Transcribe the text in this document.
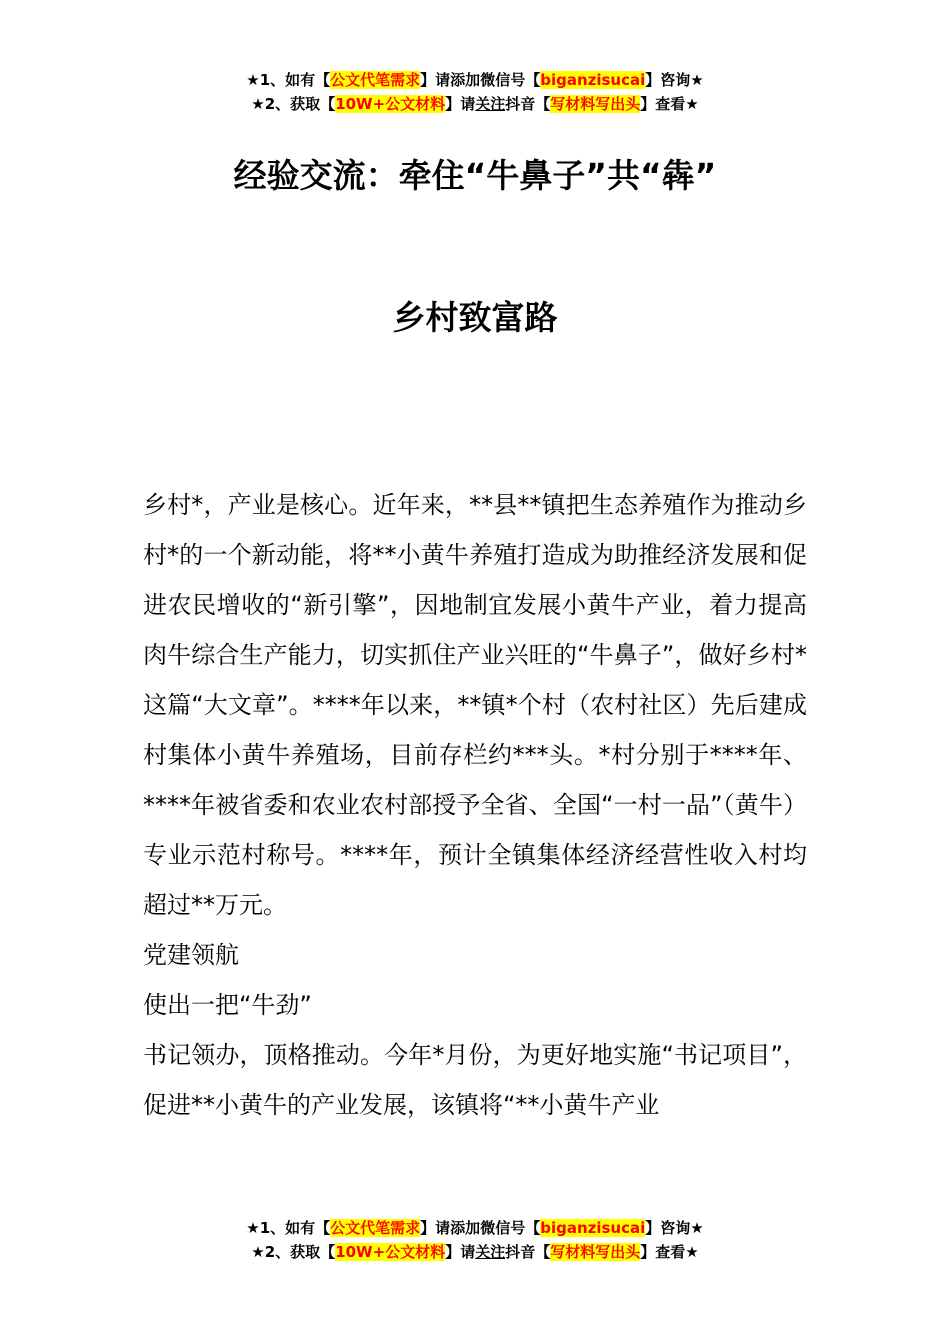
★1、如有【公文代笔需求】请添加微信号【biganzisucai】咨询★
★2、获取【10W+公文材料】请关注抖音【写材料写出头】查看★
经验交流：牵住“牛鼻子”共“犇”
乡村致富路

乡村*，产业是核心。近年来，**县**镇把生态养殖作为推动乡村*的一个新动能，将**小黄牛养殖打造成为助推经济发展和促进农民增收的“新引擎”，因地制宜发展小黄牛产业，着力提高肉牛综合生产能力，切实抓住产业兴旺的“牛鼻子”，做好乡村*这篇“大文章”。****年以来，**镇*个村（农村社区）先后建成村集体小黄牛养殖场，目前存栏约***头。*村分别于****年、****年被省委和农业农村部授予全省、全国“一村一品”（黄牛）专业示范村称号。****年，预计全镇集体经济经营性收入村均超过**万元。

党建领航

使出一把“牛劲”

书记领办，顶格推动。今年*月份，为更好地实施“书记项目”，促进**小黄牛的产业发展，该镇将“**小黄牛产业

★1、如有【公文代笔需求】请添加微信号【biganzisucai】咨询★
★2、获取【10W+公文材料】请关注抖音【写材料写出头】查看★
